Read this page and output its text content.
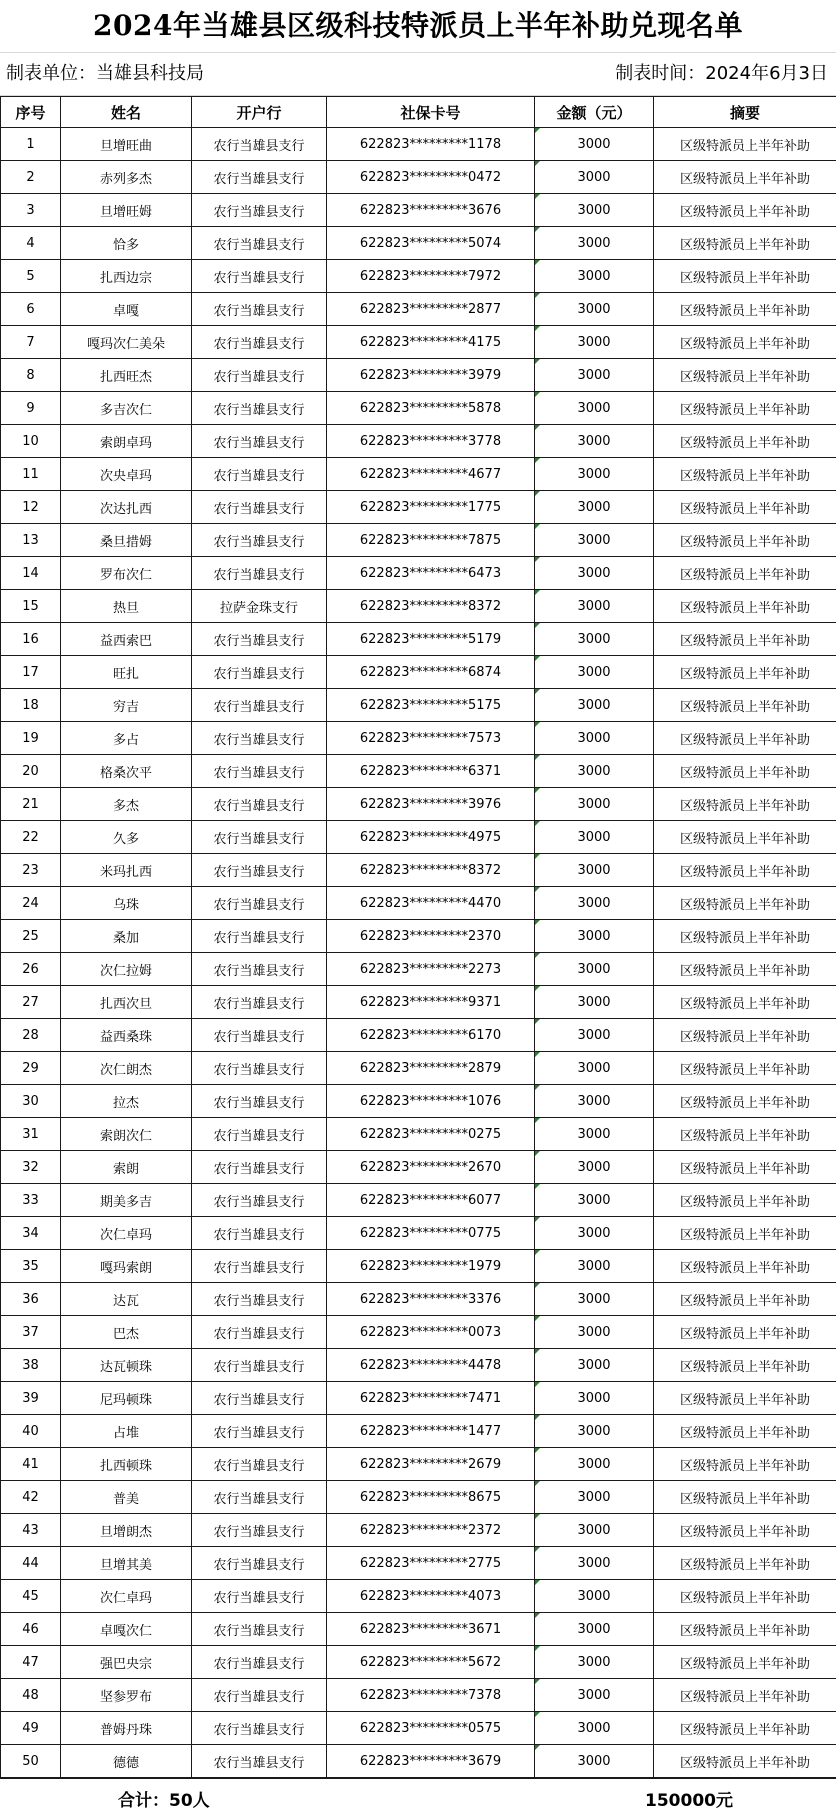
2024年当雄县区级科技特派员上半年补助兑现名单
制表单位：当雄县科技局	制表时间：2024年6月3日
序号	姓名	开户行	社保卡号	金额（元）	摘要
1	旦增旺曲	农行当雄县支行	622823*********1178	3000	区级特派员上半年补助
2	赤列多杰	农行当雄县支行	622823*********0472	3000	区级特派员上半年补助
3	旦增旺姆	农行当雄县支行	622823*********3676	3000	区级特派员上半年补助
4	恰多	农行当雄县支行	622823*********5074	3000	区级特派员上半年补助
5	扎西边宗	农行当雄县支行	622823*********7972	3000	区级特派员上半年补助
6	卓嘎	农行当雄县支行	622823*********2877	3000	区级特派员上半年补助
7	嘎玛次仁美朵	农行当雄县支行	622823*********4175	3000	区级特派员上半年补助
8	扎西旺杰	农行当雄县支行	622823*********3979	3000	区级特派员上半年补助
9	多吉次仁	农行当雄县支行	622823*********5878	3000	区级特派员上半年补助
10	索朗卓玛	农行当雄县支行	622823*********3778	3000	区级特派员上半年补助
11	次央卓玛	农行当雄县支行	622823*********4677	3000	区级特派员上半年补助
12	次达扎西	农行当雄县支行	622823*********1775	3000	区级特派员上半年补助
13	桑旦措姆	农行当雄县支行	622823*********7875	3000	区级特派员上半年补助
14	罗布次仁	农行当雄县支行	622823*********6473	3000	区级特派员上半年补助
15	热旦	拉萨金珠支行	622823*********8372	3000	区级特派员上半年补助
16	益西索巴	农行当雄县支行	622823*********5179	3000	区级特派员上半年补助
17	旺扎	农行当雄县支行	622823*********6874	3000	区级特派员上半年补助
18	穷吉	农行当雄县支行	622823*********5175	3000	区级特派员上半年补助
19	多占	农行当雄县支行	622823*********7573	3000	区级特派员上半年补助
20	格桑次平	农行当雄县支行	622823*********6371	3000	区级特派员上半年补助
21	多杰	农行当雄县支行	622823*********3976	3000	区级特派员上半年补助
22	久多	农行当雄县支行	622823*********4975	3000	区级特派员上半年补助
23	米玛扎西	农行当雄县支行	622823*********8372	3000	区级特派员上半年补助
24	乌珠	农行当雄县支行	622823*********4470	3000	区级特派员上半年补助
25	桑加	农行当雄县支行	622823*********2370	3000	区级特派员上半年补助
26	次仁拉姆	农行当雄县支行	622823*********2273	3000	区级特派员上半年补助
27	扎西次旦	农行当雄县支行	622823*********9371	3000	区级特派员上半年补助
28	益西桑珠	农行当雄县支行	622823*********6170	3000	区级特派员上半年补助
29	次仁朗杰	农行当雄县支行	622823*********2879	3000	区级特派员上半年补助
30	拉杰	农行当雄县支行	622823*********1076	3000	区级特派员上半年补助
31	索朗次仁	农行当雄县支行	622823*********0275	3000	区级特派员上半年补助
32	索朗	农行当雄县支行	622823*********2670	3000	区级特派员上半年补助
33	期美多吉	农行当雄县支行	622823*********6077	3000	区级特派员上半年补助
34	次仁卓玛	农行当雄县支行	622823*********0775	3000	区级特派员上半年补助
35	嘎玛索朗	农行当雄县支行	622823*********1979	3000	区级特派员上半年补助
36	达瓦	农行当雄县支行	622823*********3376	3000	区级特派员上半年补助
37	巴杰	农行当雄县支行	622823*********0073	3000	区级特派员上半年补助
38	达瓦顿珠	农行当雄县支行	622823*********4478	3000	区级特派员上半年补助
39	尼玛顿珠	农行当雄县支行	622823*********7471	3000	区级特派员上半年补助
40	占堆	农行当雄县支行	622823*********1477	3000	区级特派员上半年补助
41	扎西顿珠	农行当雄县支行	622823*********2679	3000	区级特派员上半年补助
42	普美	农行当雄县支行	622823*********8675	3000	区级特派员上半年补助
43	旦增朗杰	农行当雄县支行	622823*********2372	3000	区级特派员上半年补助
44	旦增其美	农行当雄县支行	622823*********2775	3000	区级特派员上半年补助
45	次仁卓玛	农行当雄县支行	622823*********4073	3000	区级特派员上半年补助
46	卓嘎次仁	农行当雄县支行	622823*********3671	3000	区级特派员上半年补助
47	强巴央宗	农行当雄县支行	622823*********5672	3000	区级特派员上半年补助
48	坚参罗布	农行当雄县支行	622823*********7378	3000	区级特派员上半年补助
49	普姆丹珠	农行当雄县支行	622823*********0575	3000	区级特派员上半年补助
50	德德	农行当雄县支行	622823*********3679	3000	区级特派员上半年补助
合计：50人	150000元
